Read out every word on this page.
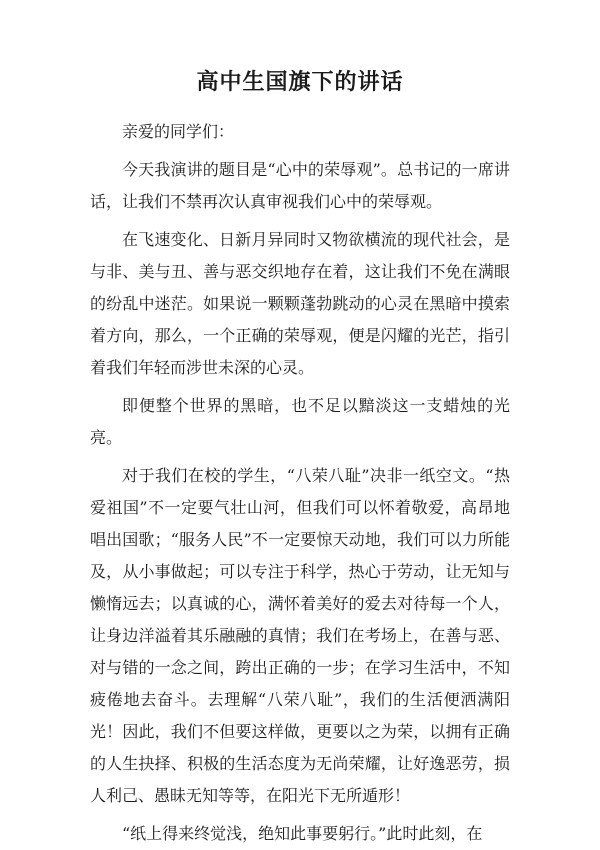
高中生国旗下的讲话

亲爱的同学们：

今天我演讲的题目是“心中的荣辱观”。总书记的一席讲话，让我们不禁再次认真审视我们心中的荣辱观。

在飞速变化、日新月异同时又物欲横流的现代社会，是与非、美与丑、善与恶交织地存在着，这让我们不免在满眼的纷乱中迷茫。如果说一颗颗蓬勃跳动的心灵在黑暗中摸索着方向，那么，一个正确的荣辱观，便是闪耀的光芒，指引着我们年轻而涉世未深的心灵。

即便整个世界的黑暗，也不足以黯淡这一支蜡烛的光亮。

对于我们在校的学生，“八荣八耻”决非一纸空文。“热爱祖国”不一定要气壮山河，但我们可以怀着敬爱，高昂地唱出国歌；“服务人民”不一定要惊天动地，我们可以力所能及，从小事做起；可以专注于科学，热心于劳动，让无知与懒惰远去；以真诚的心，满怀着美好的爱去对待每一个人，让身边洋溢着其乐融融的真情；我们在考场上，在善与恶、对与错的一念之间，跨出正确的一步；在学习生活中，不知疲倦地去奋斗。去理解“八荣八耻”，我们的生活便洒满阳光！因此，我们不但要这样做，更要以之为荣，以拥有正确的人生抉择、积极的生活态度为无尚荣耀，让好逸恶劳，损人利己、愚昧无知等等，在阳光下无所遁形！

“纸上得来终觉浅，绝知此事要躬行。”此时此刻，在
